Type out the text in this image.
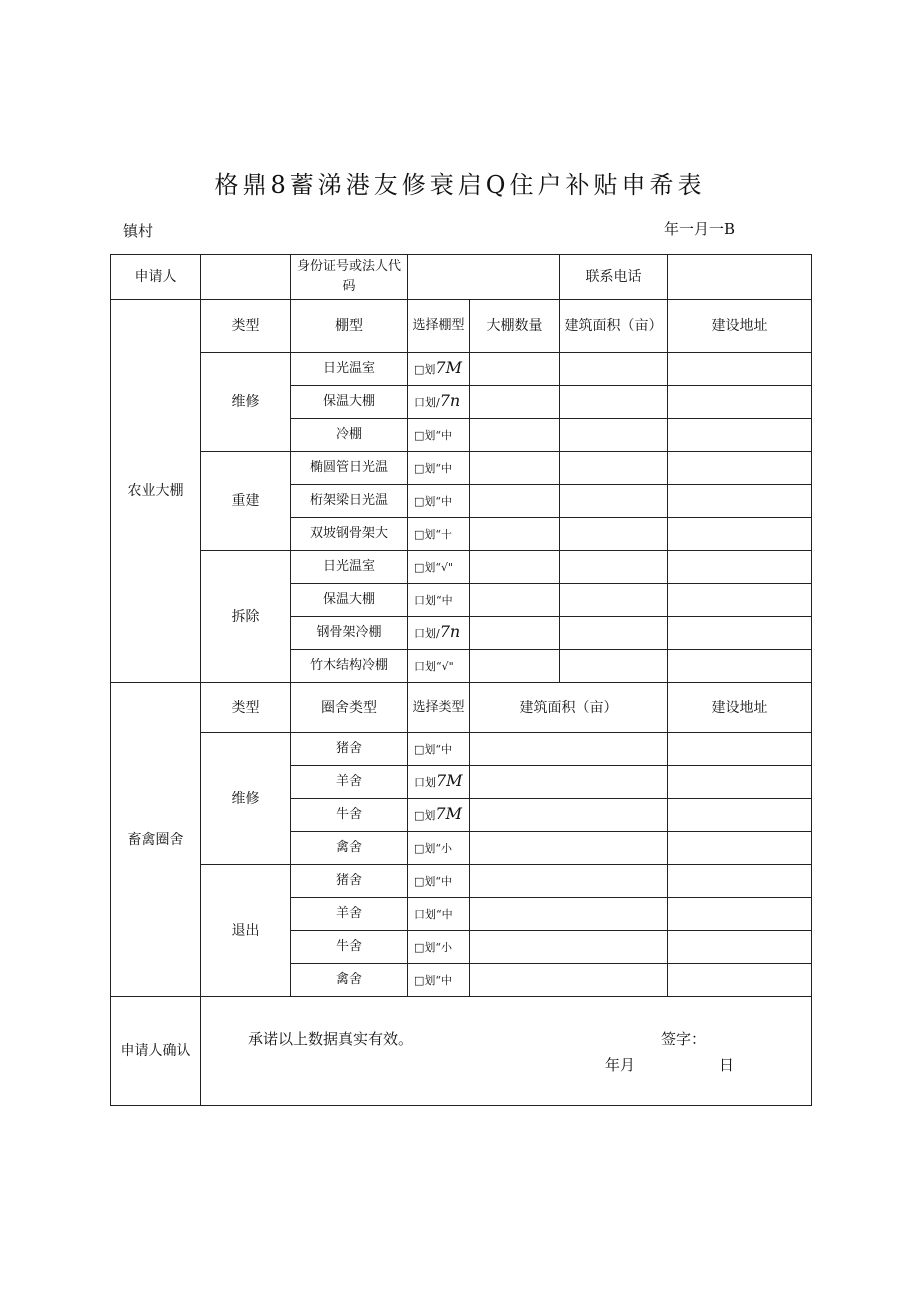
格鼎8蓄涕港友修衰启Q住户补贴申希表
镇村	年一月一B
申请人		身份证号或法人代码			联系电话	
农业大棚	类型	棚型	选择棚型	大棚数量	建筑面积（亩）	建设地址
	维修	日光温室	□划7M			
		保温大棚	口划/7n			
		冷棚	□划“中			
	重建	椭圆管日光温	□划“中			
		桁架梁日光温	□划“中			
		双坡钢骨架大	□划“十			
	拆除	日光温室	□划“√"			
		保温大棚	口划“中			
		钢骨架冷棚	口划/7n			
		竹木结构冷棚	口划“√"			
畜禽圈舍	类型	圈舍类型	选择类型	建筑面积（亩）		建设地址
	维修	猪舍	□划“中			
		羊舍	口划7M			
		牛舍	□划7M			
		禽舍	□划“小			
	退出	猪舍	□划“中			
		羊舍	口划“中			
		牛舍	□划“小			
		禽舍	□划“中			
申请人确认	承诺以上数据真实有效。 签字：
年月 日					
